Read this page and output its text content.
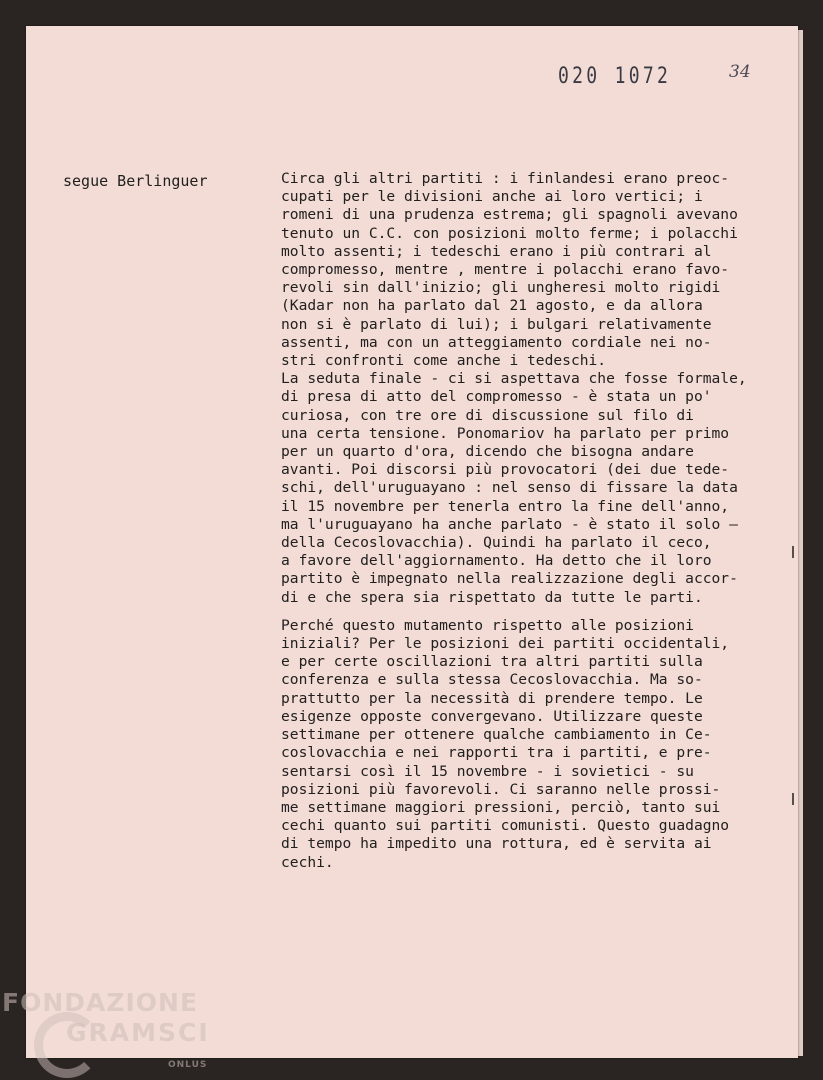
020 1072	34
segue Berlinguer	Circa gli altri partiti : i finlandesi erano preoc-
cupati per le divisioni anche ai loro vertici; i
romeni di una prudenza estrema; gli spagnoli avevano
tenuto un C.C. con posizioni molto ferme; i polacchi
molto assenti; i tedeschi erano i più contrari al
compromesso, mentre , mentre i polacchi erano favo-
revoli sin dall'inizio; gli ungheresi molto rigidi
(Kadar non ha parlato dal 21 agosto, e da allora
non si è parlato di lui); i bulgari relativamente
assenti, ma con un atteggiamento cordiale nei no-
stri confronti come anche i tedeschi.
La seduta finale - ci si aspettava che fosse formale,
di presa di atto del compromesso - è stata un po'
curiosa, con tre ore di discussione sul filo di
una certa tensione. Ponomariov ha parlato per primo
per un quarto d'ora, dicendo che bisogna andare
avanti. Poi discorsi più provocatori (dei due tede-
schi, dell'uruguayano : nel senso di fissare la data
il 15 novembre per tenerla entro la fine dell'anno,
ma l'uruguayano ha anche parlato - è stato il solo —
della Cecoslovacchia). Quindi ha parlato il ceco,
a favore dell'aggiornamento. Ha detto che il loro
partito è impegnato nella realizzazione degli accor-
di e che spera sia rispettato da tutte le parti.

Perché questo mutamento rispetto alle posizioni
iniziali? Per le posizioni dei partiti occidentali,
e per certe oscillazioni tra altri partiti sulla
conferenza e sulla stessa Cecoslovacchia. Ma so-
prattutto per la necessità di prendere tempo. Le
esigenze opposte convergevano. Utilizzare queste
settimane per ottenere qualche cambiamento in Ce-
coslovacchia e nei rapporti tra i partiti, e pre-
sentarsi così il 15 novembre - i sovietici - su
posizioni più favorevoli. Ci saranno nelle prossi-
me settimane maggiori pressioni, perciò, tanto sui
cechi quanto sui partiti comunisti. Questo guadagno
di tempo ha impedito una rottura, ed è servita ai
cechi.

FONDAZIONE
GRAMSCI
ONLUS
